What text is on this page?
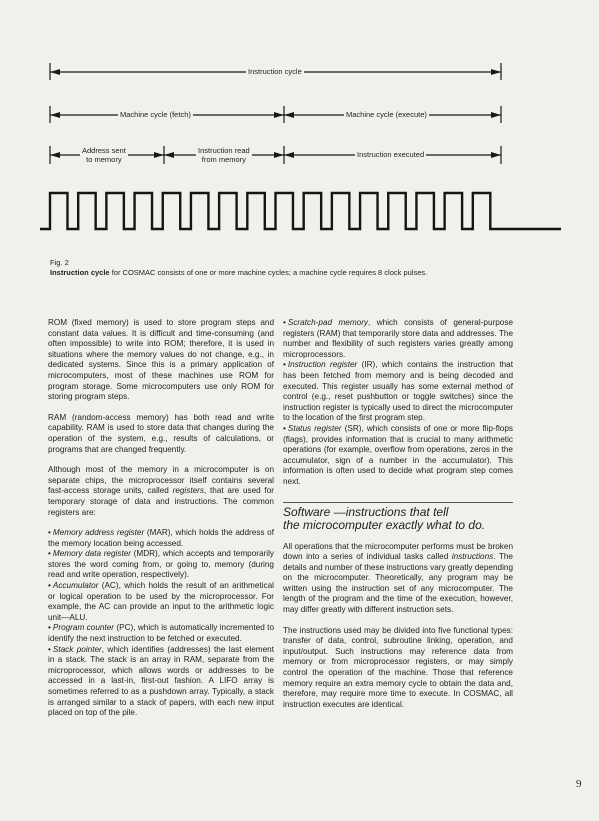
Instruction cycle
Machine cycle (fetch)	Machine cycle (execute)
Address sent
to memory
Instruction read
from memory
Instruction executed
Fig. 2
Instruction cycle for COSMAC consists of one or more machine cycles; a machine cycle requires 8 clock pulses.

ROM (fixed memory) is used to store program steps and constant data values. It is difficult and time-consuming (and often impossible) to write into ROM; therefore, it is used in situations where the memory values do not change, e.g., in dedicated systems. Since this is a primary application of microcomputers, most of these machines use ROM for program storage. Some microcomputers use only ROM for storing program steps.

RAM (random-access memory) has both read and write capability. RAM is used to store data that changes during the operation of the system, e.g., results of calculations, or programs that are changed frequently.

Although most of the memory in a microcomputer is on separate chips, the microprocessor itself contains several fast-access storage units, called registers, that are used for temporary storage of data and instructions. The common registers are:

• Memory address register (MAR), which holds the address of the memory location being accessed.
• Memory data register (MDR), which accepts and temporarily stores the word coming from, or going to, memory (during read and write operation, respectively).
• Accumulator (AC), which holds the result of an arithmetical or logical operation to be used by the microprocessor. For example, the AC can provide an input to the arithmetic logic unit—ALU.
• Program counter (PC), which is automatically incremented to identify the next instruction to be fetched or executed.
• Stack pointer, which identifies (addresses) the last element in a stack. The stack is an array in RAM, separate from the microprocessor, which allows words or addresses to be accessed in a last-in, first-out fashion. A LIFO array is sometimes referred to as a pushdown array. Typically, a stack is arranged similar to a stack of papers, with each new input placed on top of the pile.
• Scratch-pad memory, which consists of general-purpose registers (RAM) that temporarily store data and addresses. The number and flexibility of such registers varies greatly among microprocessors.
• Instruction register (IR), which contains the instruction that has been fetched from memory and is being decoded and executed. This register usually has some external method of control (e.g., reset pushbutton or toggle switches) since the instruction register is typically used to direct the microcomputer to the location of the first program step.
• Status register (SR), which consists of one or more flip-flops (flags), provides information that is crucial to many arithmetic operations (for example, overflow from operations, zeros in the accumulator, sign of a number in the accumulator). This information is often used to decide what program step comes next.
Software —instructions that tell
the microcomputer exactly what to do.

All operations that the microcomputer performs must be broken down into a series of individual tasks called instructions. The details and number of these instructions vary greatly depending on the microcomputer. Theoretically, any program may be written using the instruction set of any microcomputer. The length of the program and the time of the execution, however, may differ greatly with different instruction sets.

The instructions used may be divided into five functional types: transfer of data, control, subroutine linking, operation, and input/output. Such instructions may reference data from memory or from microprocessor registers, or may simply control the operation of the machine. Those that reference memory require an extra memory cycle to obtain the data and, therefore, may require more time to execute. In COSMAC, all instruction executes are identical.

9
